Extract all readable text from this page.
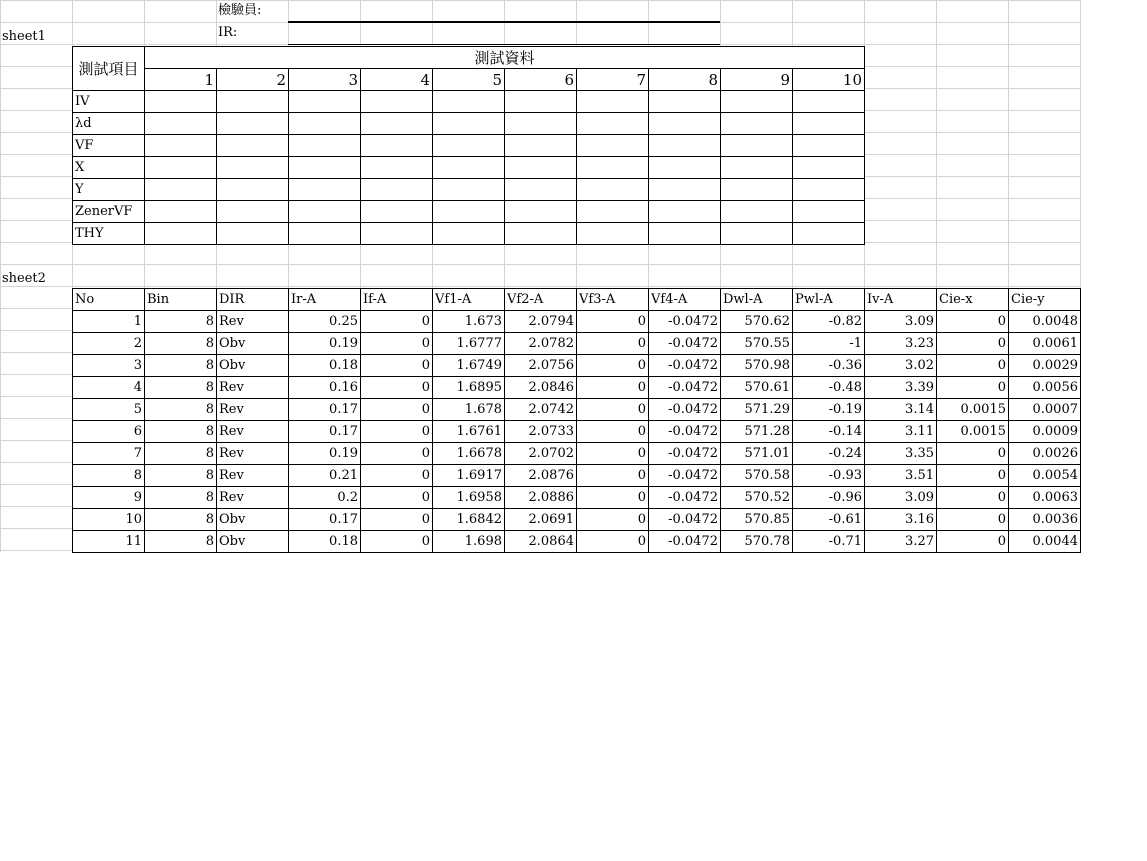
檢驗員:
IR:
sheet1
sheet2
測試項目
測試資料
1	2	3	4	5	6	7	8	9	10
IV
λd
VF
X
Y
ZenerVF
THY
No	Bin	DIR	Ir-A	If-A	Vf1-A	Vf2-A	Vf3-A	Vf4-A	Dwl-A	Pwl-A	Iv-A	Cie-x	Cie-y
1	8 Rev	0.25	0	1.673	2.0794	0	-0.0472	570.62	-0.82	3.09	0	0.0048
2	8 Obv	0.19	0	1.6777	2.0782	0	-0.0472	570.55	-1	3.23	0	0.0061
3	8 Obv	0.18	0	1.6749	2.0756	0	-0.0472	570.98	-0.36	3.02	0	0.0029
4	8 Rev	0.16	0	1.6895	2.0846	0	-0.0472	570.61	-0.48	3.39	0	0.0056
5	8 Rev	0.17	0	1.678	2.0742	0	-0.0472	571.29	-0.19	3.14	0.0015	0.0007
6	8 Rev	0.17	0	1.6761	2.0733	0	-0.0472	571.28	-0.14	3.11	0.0015	0.0009
7	8 Rev	0.19	0	1.6678	2.0702	0	-0.0472	571.01	-0.24	3.35	0	0.0026
8	8 Rev	0.21	0	1.6917	2.0876	0	-0.0472	570.58	-0.93	3.51	0	0.0054
9	8 Rev	0.2	0	1.6958	2.0886	0	-0.0472	570.52	-0.96	3.09	0	0.0063
10	8 Obv	0.17	0	1.6842	2.0691	0	-0.0472	570.85	-0.61	3.16	0	0.0036
11	8 Obv	0.18	0	1.698	2.0864	0	-0.0472	570.78	-0.71	3.27	0	0.0044
